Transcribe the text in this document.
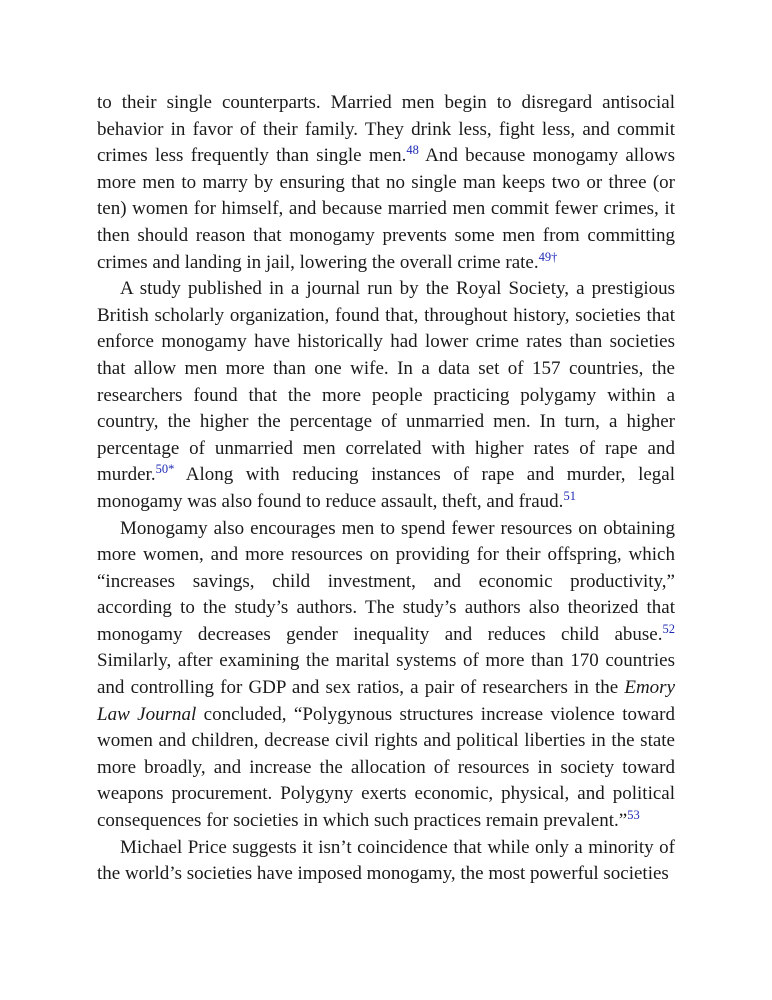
to their single counterparts. Married men begin to disregard antisocial behavior in favor of their family. They drink less, fight less, and commit crimes less frequently than single men.$^{48}$ And because monogamy allows more men to marry by ensuring that no single man keeps two or three (or ten) women for himself, and because married men commit fewer crimes, it then should reason that monogamy prevents some men from committing crimes and landing in jail, lowering the overall crime rate.$^{49\dagger}$

A study published in a journal run by the Royal Society, a prestigious British scholarly organization, found that, throughout history, societies that enforce monogamy have historically had lower crime rates than societies that allow men more than one wife. In a data set of 157 countries, the researchers found that the more people practicing polygamy within a country, the higher the percentage of unmarried men. In turn, a higher percentage of unmarried men correlated with higher rates of rape and murder.$^{50*}$ Along with reducing instances of rape and murder, legal monogamy was also found to reduce assault, theft, and fraud.$^{51}$

Monogamy also encourages men to spend fewer resources on obtaining more women, and more resources on providing for their offspring, which “increases savings, child investment, and economic productivity,” according to the study’s authors. The study’s authors also theorized that monogamy decreases gender inequality and reduces child abuse.$^{52}$ Similarly, after examining the marital systems of more than 170 countries and controlling for GDP and sex ratios, a pair of researchers in the Emory Law Journal concluded, “Polygynous structures increase violence toward women and children, decrease civil rights and political liberties in the state more broadly, and increase the allocation of resources in society toward weapons procurement. Polygyny exerts economic, physical, and political consequences for societies in which such practices remain prevalent.”$^{53}$

Michael Price suggests it isn’t coincidence that while only a minority of the world’s societies have imposed monogamy, the most powerful societies
